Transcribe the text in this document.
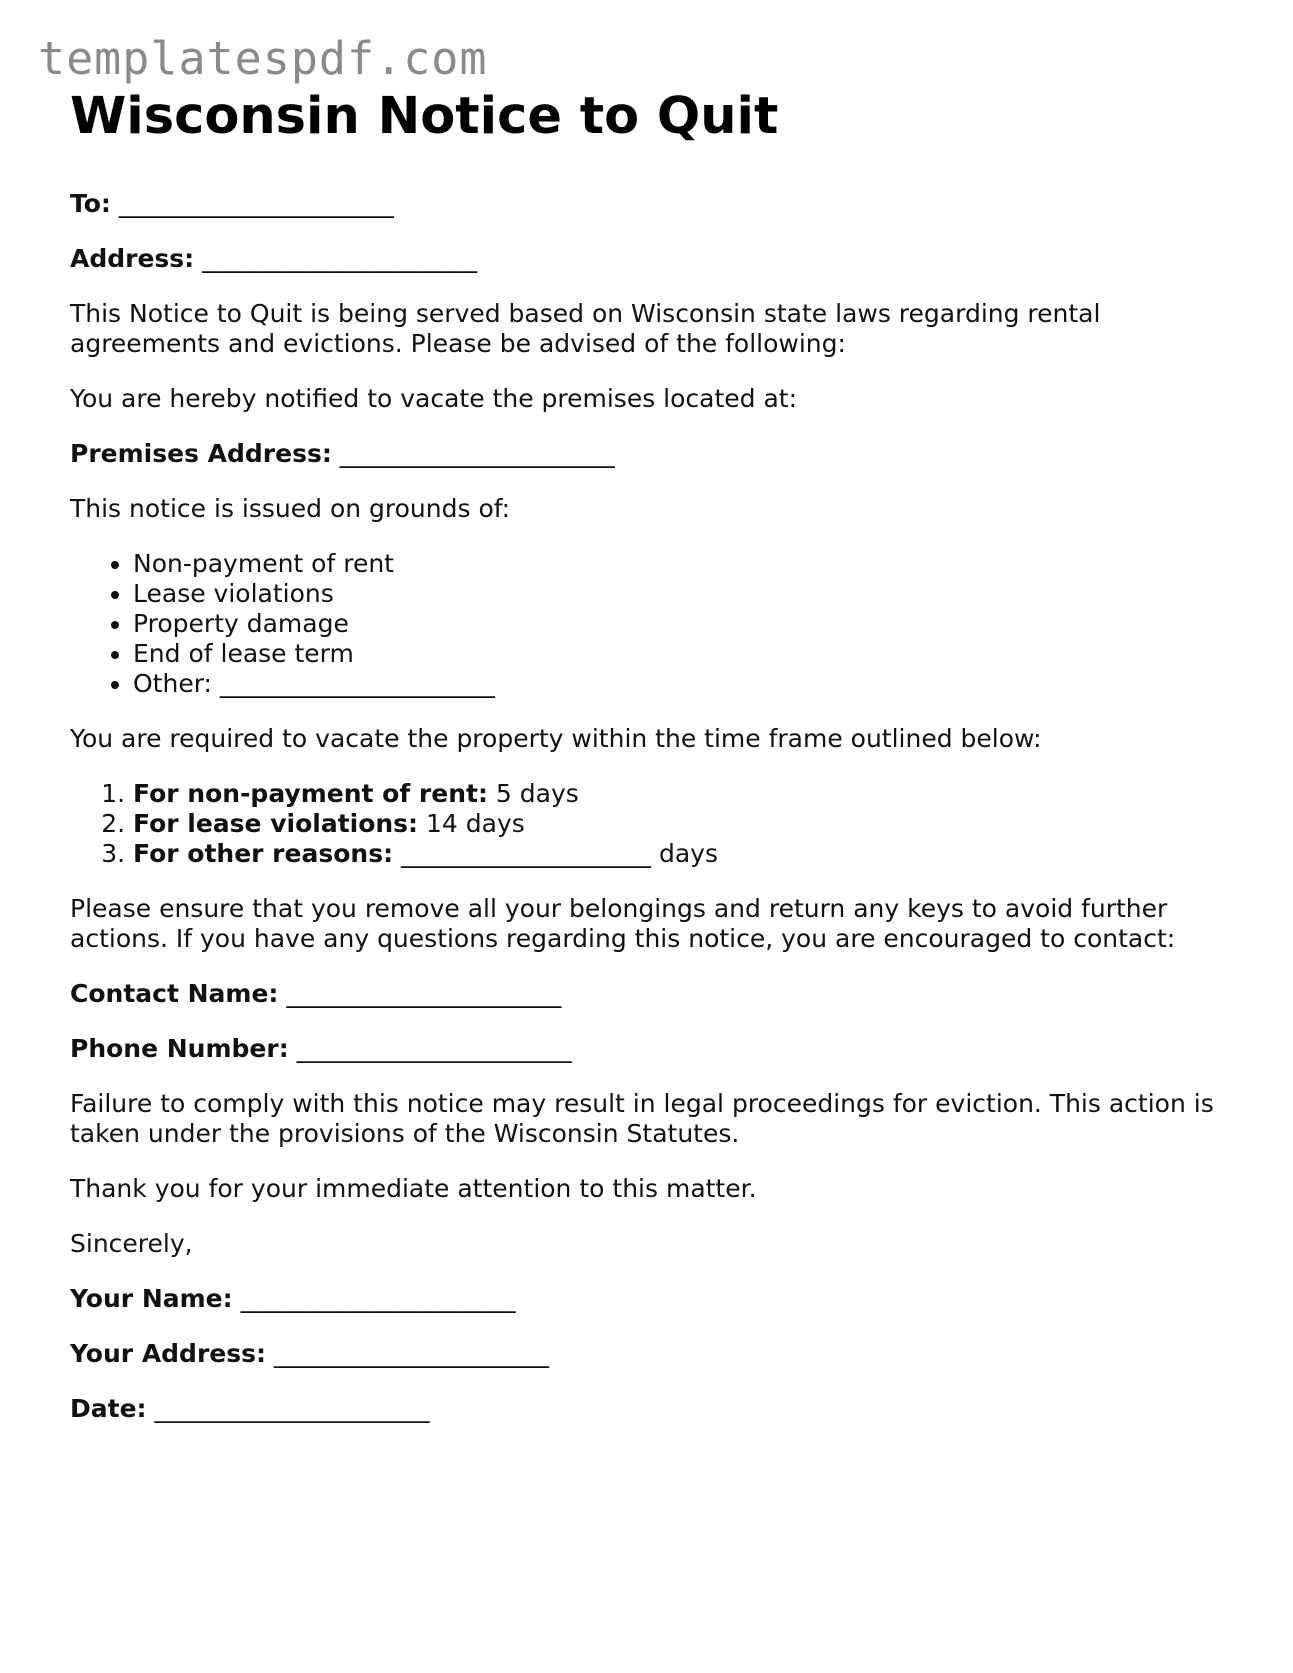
templatespdf.com
Wisconsin Notice to Quit

To: ______________________

Address: ______________________

This Notice to Quit is being served based on Wisconsin state laws regarding rental agreements and evictions. Please be advised of the following:

You are hereby notified to vacate the premises located at:

Premises Address: ______________________

This notice is issued on grounds of:

• Non-payment of rent
• Lease violations
• Property damage
• End of lease term
• Other: ______________________

You are required to vacate the property within the time frame outlined below:

1. For non-payment of rent: 5 days
2. For lease violations: 14 days
3. For other reasons: ____________________ days

Please ensure that you remove all your belongings and return any keys to avoid further actions. If you have any questions regarding this notice, you are encouraged to contact:

Contact Name: ______________________

Phone Number: ______________________

Failure to comply with this notice may result in legal proceedings for eviction. This action is taken under the provisions of the Wisconsin Statutes.

Thank you for your immediate attention to this matter.

Sincerely,

Your Name: ______________________

Your Address: ______________________

Date: ______________________
